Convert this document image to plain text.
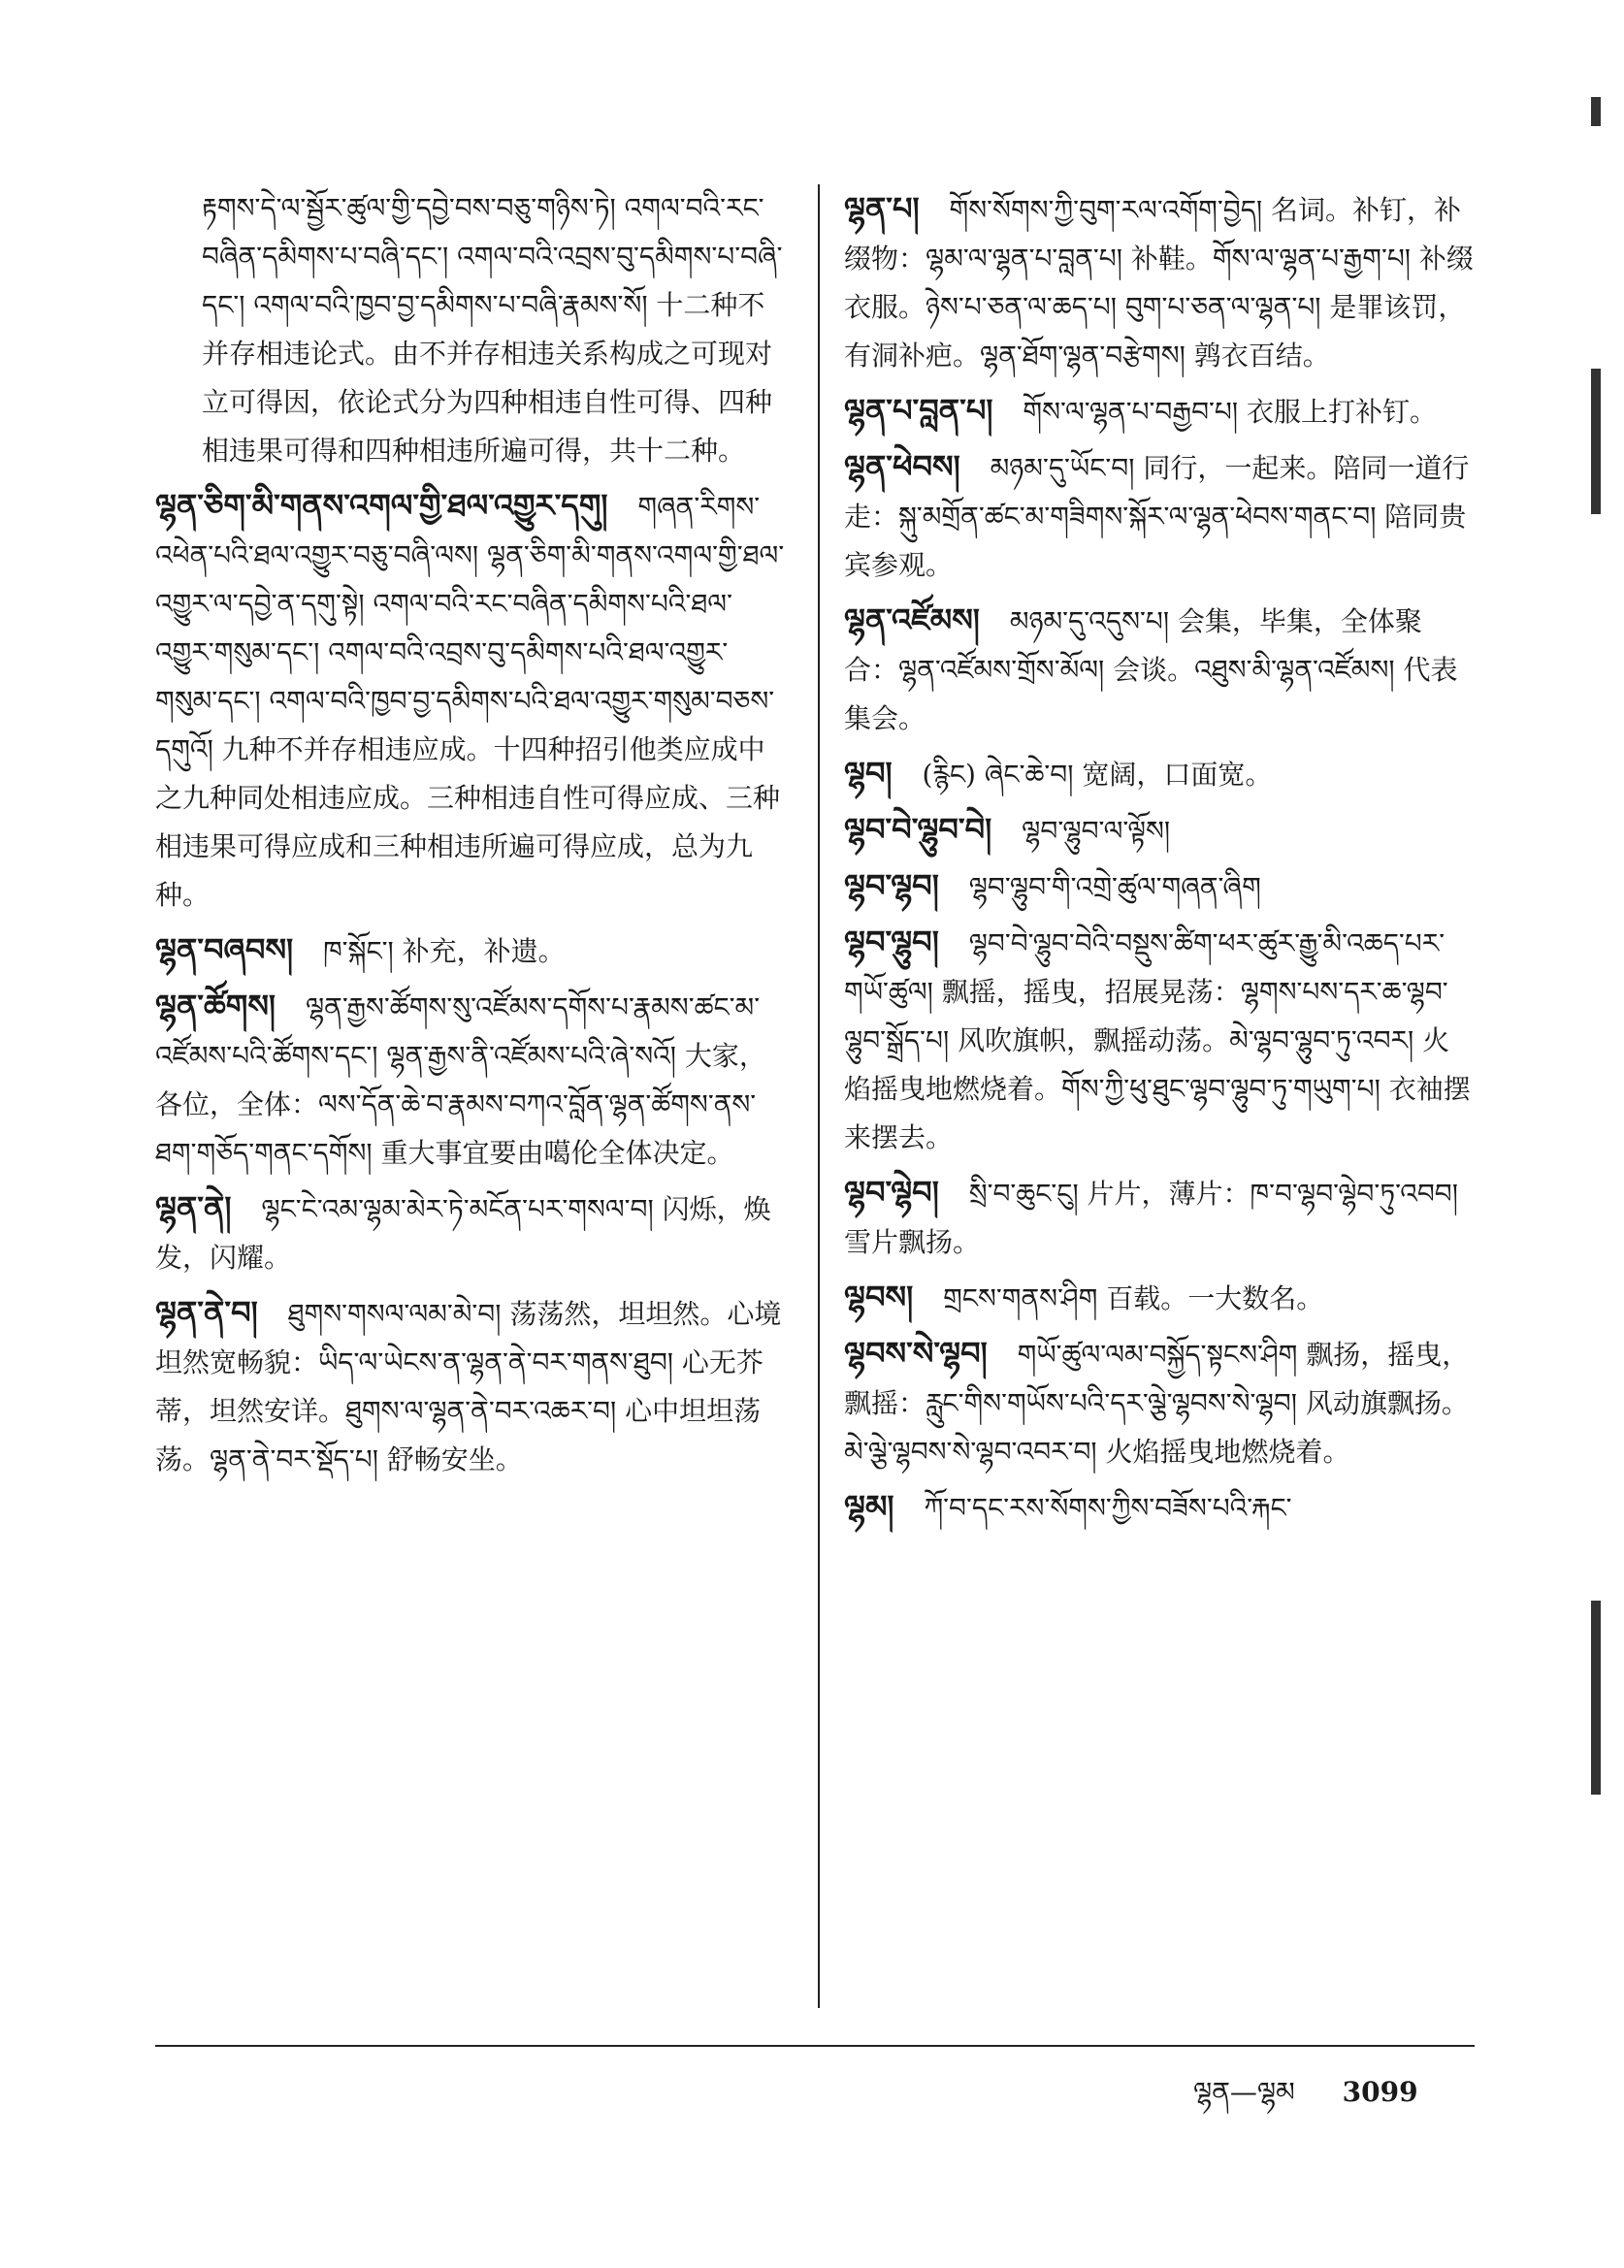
རྟགས་དེ་ལ་སྦྱོར་ཚུལ་གྱི་དབྱེ་བས་བཅུ་གཉིས་ཏེ། འགལ་བའི་རང་བཞིན་དམིགས་པ་བཞི་དང་། འགལ་བའི་འབྲས་བུ་དམིགས་པ་བཞི་དང་། འགལ་བའི་ཁྱབ་བྱ་དམིགས་པ་བཞི་རྣམས་སོ། 十二种不并存相违论式。由不并存相违关系构成之可现对立可得因，依论式分为四种相违自性可得、四种相违果可得和四种相违所遍可得，共十二种。
ལྷན་ཅིག་མི་གནས་འགལ་གྱི་ཐལ་འགྱུར་དགུ། གཞན་རིགས་འཕེན་པའི་ཐལ་འགྱུར་བཅུ་བཞི་ལས། ལྷན་ཅིག་མི་གནས་འགལ་གྱི་ཐལ་འགྱུར་ལ་དབྱེ་ན་དགུ་སྟེ། འགལ་བའི་རང་བཞིན་དམིགས་པའི་ཐལ་འགྱུར་གསུམ་དང་། འགལ་བའི་འབྲས་བུ་དམིགས་པའི་ཐལ་འགྱུར་གསུམ་དང་། འགལ་བའི་ཁྱབ་བྱ་དམིགས་པའི་ཐལ་འགྱུར་གསུམ་བཅས་དགུའོ། 九种不并存相违应成。十四种招引他类应成中之九种同处相违应成。三种相违自性可得应成、三种相违果可得应成和三种相违所遍可得应成，总为九种。
ལྷན་བཞབས། ཁ་སྐོང་། 补充，补遗。
ལྷན་ཚོགས། ལྷན་རྒྱས་ཚོགས་སུ་འཛོམས་དགོས་པ་རྣམས་ཚང་མ་འཛོམས་པའི་ཚོགས་དང་། ལྷན་རྒྱས་ནི་འཛོམས་པའི་ཞེ་སའོ། 大家，各位，全体：ལས་དོན་ཆེ་བ་རྣམས་བཀའ་བློན་ལྷན་ཚོགས་ནས་ཐག་གཅོད་གནང་དགོས། 重大事宜要由噶伦全体决定。
ལྷན་ནེ། ལྷང་ངེ་འམ་ལྷམ་མེར་ཏེ་མངོན་པར་གསལ་བ། 闪烁，焕发，闪耀。
ལྷན་ནེ་བ། ཐུགས་གསལ་ལམ་མེ་བ། 荡荡然，坦坦然。心境坦然宽畅貌：ཡིད་ལ་ཡེངས་ན་ལྷན་ནེ་བར་གནས་ཐུབ། 心无芥蒂，坦然安详。ཐུགས་ལ་ལྷན་ནེ་བར་འཆར་བ། 心中坦坦荡荡。ལྷན་ནེ་བར་སྡོད་པ། 舒畅安坐。
ལྷན་པ། གོས་སོགས་ཀྱི་བུག་རལ་འགོག་བྱེད། 名词。补钉，补缀物：ལྷམ་ལ་ལྷན་པ་བླན་པ། 补鞋。གོས་ལ་ལྷན་པ་རྒྱག་པ། 补缀衣服。ཉེས་པ་ཅན་ལ་ཆད་པ། བུག་པ་ཅན་ལ་ལྷན་པ། 是罪该罚，有洞补疤。ལྷན་ཐོག་ལྷན་བརྩེགས། 鹑衣百结。
ལྷན་པ་བླན་པ། གོས་ལ་ལྷན་པ་བརྒྱབ་པ། 衣服上打补钉。
ལྷན་ཕེབས། མཉམ་དུ་ཡོང་བ། 同行，一起来。陪同一道行走：སྐུ་མགྲོན་ཚང་མ་གཟིགས་སྐོར་ལ་ལྷན་ཕེབས་གནང་བ། 陪同贵宾参观。
ལྷན་འཛོམས། མཉམ་དུ་འདུས་པ། 会集，毕集，全体聚合：ལྷན་འཛོམས་གྲོས་མོལ། 会谈。འཐུས་མི་ལྷན་འཛོམས། 代表集会。
ལྷབ། (རྙིང) ཞེང་ཆེ་བ། 宽阔，口面宽。
ལྷབ་བེ་ལྷུབ་བེ། ལྷབ་ལྷུབ་ལ་ལྟོས།
ལྷབ་ལྷབ། ལྷབ་ལྷུབ་གི་འགྲེ་ཚུལ་གཞན་ཞིག
ལྷབ་ལྷུབ། ལྷབ་བེ་ལྷུབ་བེའི་བསྡུས་ཚིག་ཕར་ཚུར་རྒྱུ་མི་འཆད་པར་གཡོ་ཚུལ། 飘摇，摇曳，招展晃荡：ལྷགས་པས་དར་ཆ་ལྷབ་ལྷུབ་སྒྲོད་པ། 风吹旗帜，飘摇动荡。མེ་ལྷབ་ལྷུབ་ཏུ་འབར། 火焰摇曳地燃烧着。གོས་ཀྱི་ཕུ་ཐུང་ལྷབ་ལྷུབ་ཏུ་གཡུག་པ། 衣袖摆来摆去。
ལྷབ་ལྷེབ། སྲི་བ་ཆུང་ངུ། 片片，薄片：ཁ་བ་ལྷབ་ལྷེབ་ཏུ་འབབ། 雪片飘扬。
ལྷབས། གྲངས་གནས་ཤིག 百载。一大数名。
ལྷབས་སེ་ལྷབ། གཡོ་ཚུལ་ལམ་བསྐྱོད་སྟངས་ཤིག 飘扬，摇曳，飘摇：རླུང་གིས་གཡོས་པའི་དར་ལྕེ་ལྷབས་སེ་ལྷབ། 风动旗飘扬。མེ་ལྕེ་ལྷབས་སེ་ལྷབ་འབར་བ། 火焰摇曳地燃烧着。
ལྷམ། ཀོ་བ་དང་རས་སོགས་ཀྱིས་བཟོས་པའི་རྐང་
ལྷན—ལྷམ 3099
